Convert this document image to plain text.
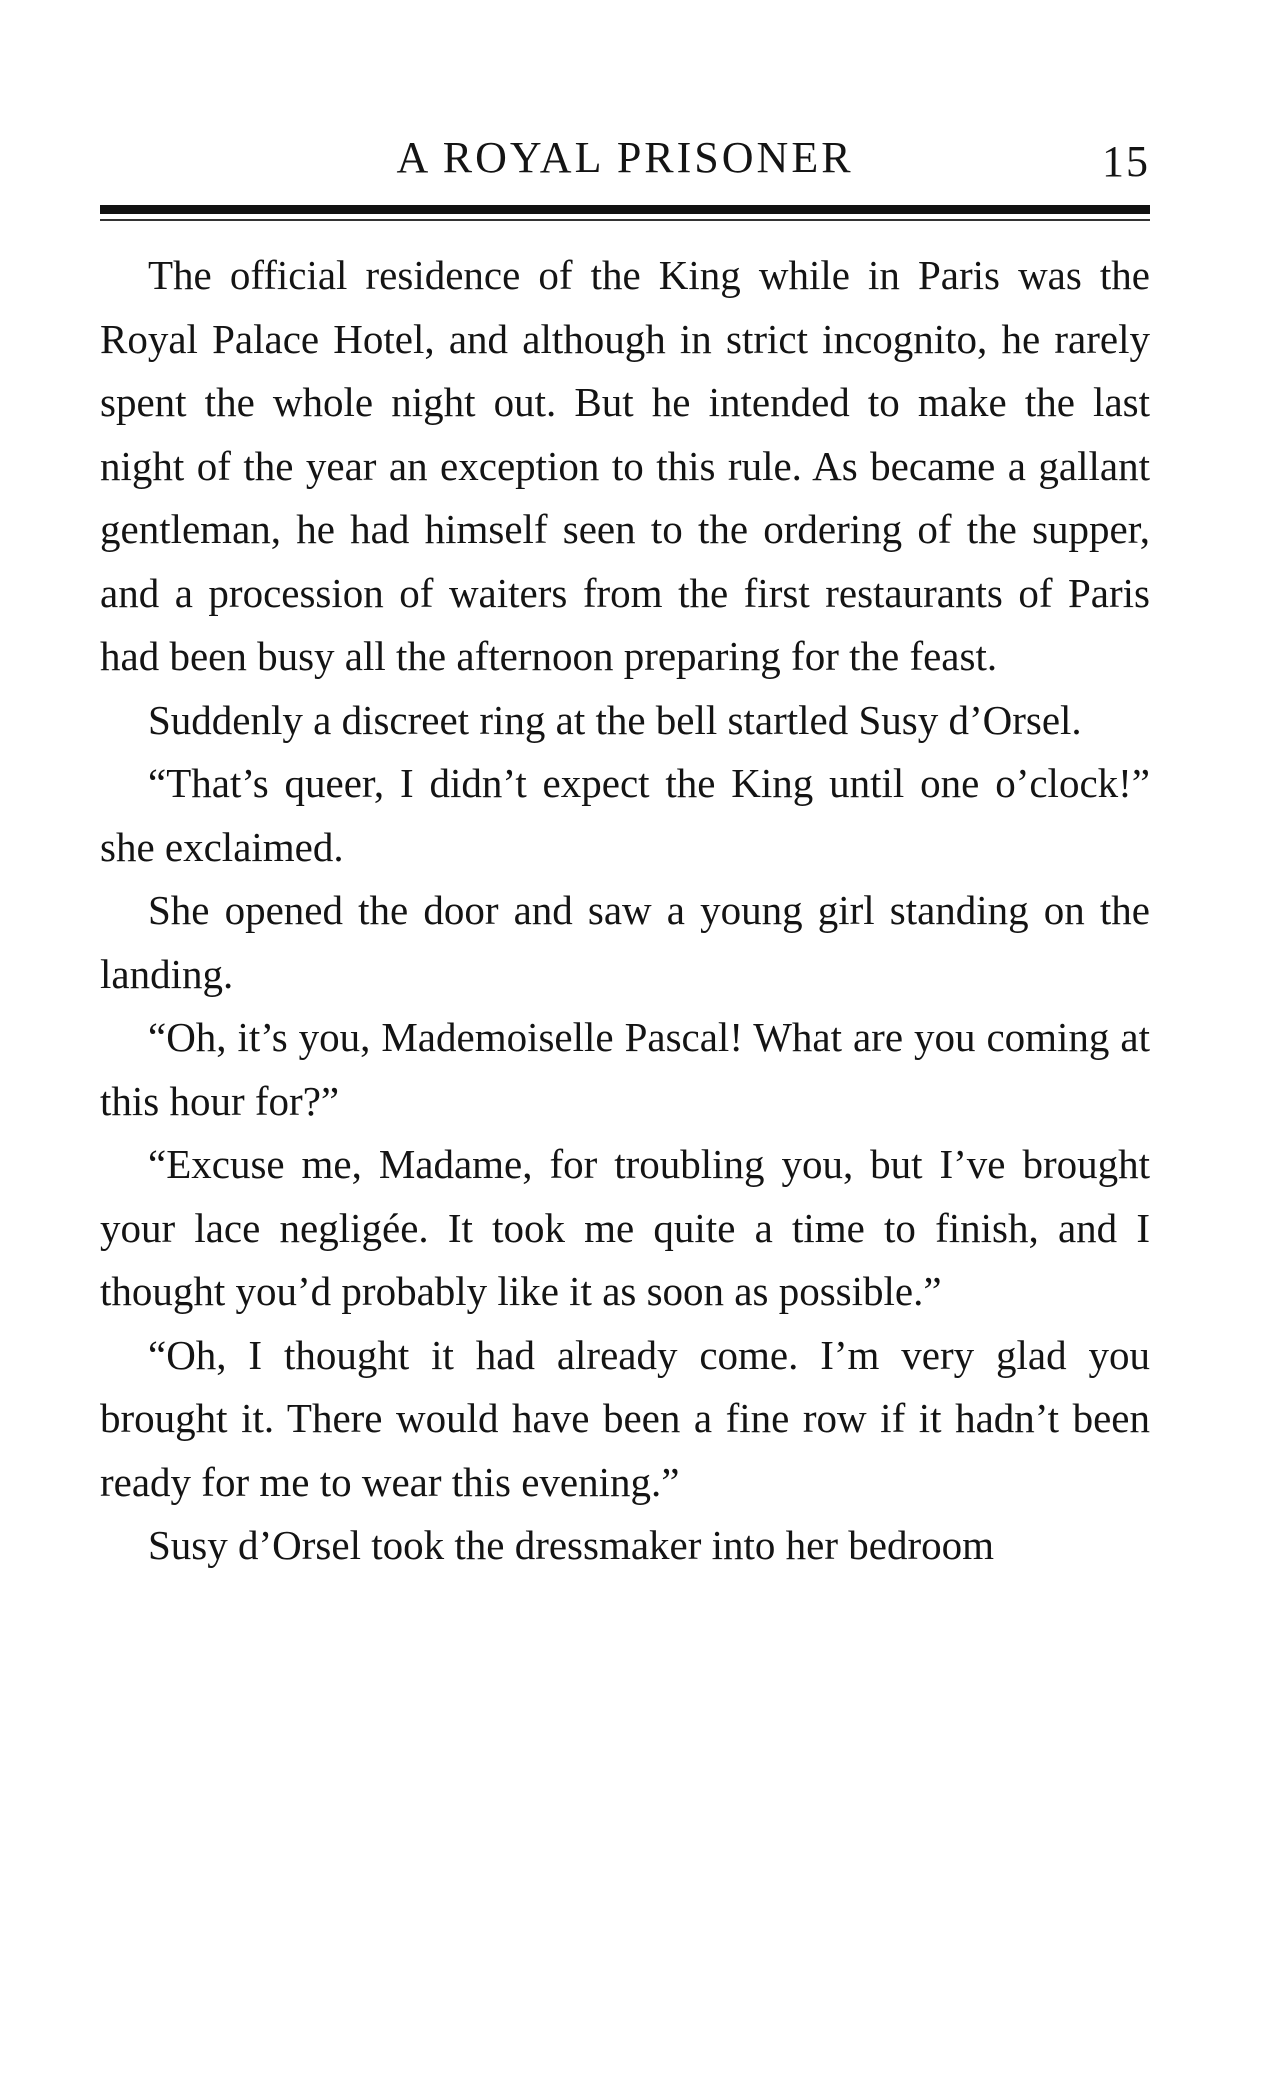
A ROYAL PRISONER	15

The official residence of the King while in Paris was the Royal Palace Hotel, and although in strict incognito, he rarely spent the whole night out. But he intended to make the last night of the year an exception to this rule. As became a gallant gentleman, he had himself seen to the ordering of the supper, and a procession of waiters from the first restaurants of Paris had been busy all the afternoon preparing for the feast.

Suddenly a discreet ring at the bell startled Susy d’Orsel.

“That’s queer, I didn’t expect the King until one o’clock!” she exclaimed.

She opened the door and saw a young girl standing on the landing.

“Oh, it’s you, Mademoiselle Pascal! What are you coming at this hour for?”

“Excuse me, Madame, for troubling you, but I’ve brought your lace negligée. It took me quite a time to finish, and I thought you’d probably like it as soon as possible.”

“Oh, I thought it had already come. I’m very glad you brought it. There would have been a fine row if it hadn’t been ready for me to wear this evening.”

Susy d’Orsel took the dressmaker into her bedroom
